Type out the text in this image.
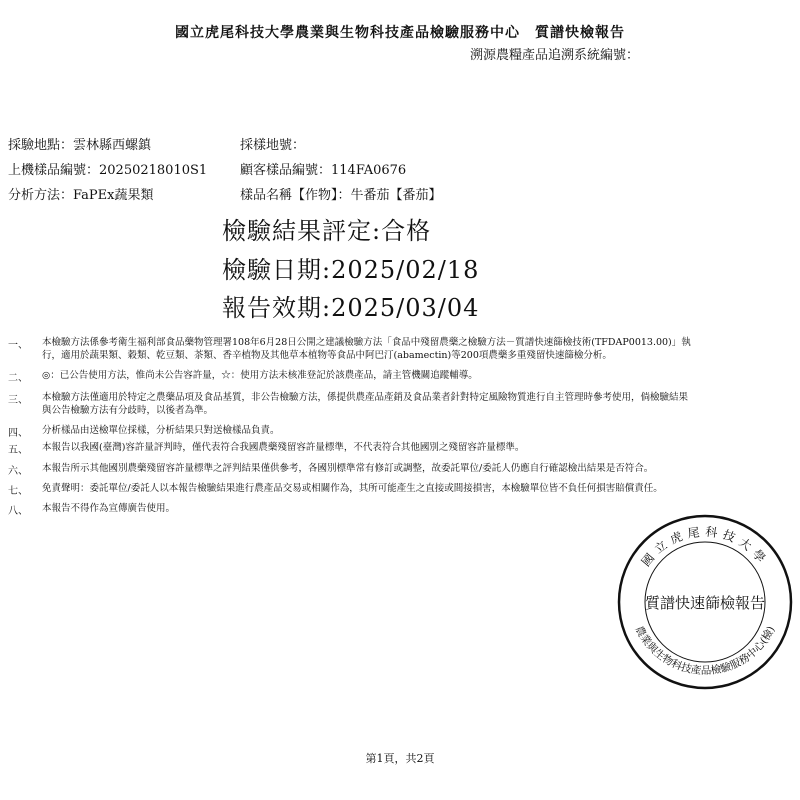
國立虎尾科技大學農業與生物科技產品檢驗服務中心　質譜快檢報告
溯源農糧產品追溯系統編號：
採驗地點：雲林縣西螺鎮	採樣地號：
上機樣品編號：20250218010S1	顧客樣品編號：114FA0676
分析方法：FaPEx蔬果類	樣品名稱【作物】：牛番茄【番茄】
檢驗結果評定:合格
檢驗日期:2025/02/18
報告效期:2025/03/04
一、 本檢驗方法係參考衛生福利部食品藥物管理署108年6月28日公開之建議檢驗方法「食品中殘留農藥之檢驗方法－質譜快速篩檢技術(TFDAP0013.00)」執
行，適用於蔬果類、穀類、乾豆類、茶類、香辛植物及其他草本植物等食品中阿巴汀(abamectin)等200項農藥多重殘留快速篩檢分析。
二、 ◎：已公告使用方法，惟尚未公告容許量，☆：使用方法未核准登記於該農產品，請主管機關追蹤輔導。
三、 本檢驗方法僅適用於特定之農藥品項及食品基質，非公告檢驗方法，係提供農產品產銷及食品業者針對特定風險物質進行自主管理時參考使用，倘檢驗結果
與公告檢驗方法有分歧時，以後者為準。
四、 分析樣品由送檢單位採樣，分析結果只對送檢樣品負責。
五、 本報告以我國(臺灣)容許量評判時，僅代表符合我國農藥殘留容許量標準，不代表符合其他國別之殘留容許量標準。
六、 本報告所示其他國別農藥殘留容許量標準之評判結果僅供參考，各國別標準常有修訂或調整，故委託單位/委託人仍應自行確認檢出結果是否符合。
七、 免責聲明：委託單位/委託人以本報告檢驗結果進行農產品交易或相關作為，其所可能產生之直接或間接損害，本檢驗單位皆不負任何損害賠償責任。
八、 本報告不得作為宣傳廣告使用。
國立虎尾科技大學
質譜快速篩檢報告
農業與生物科技產品檢驗服務中心(檢)
第1頁，共2頁
